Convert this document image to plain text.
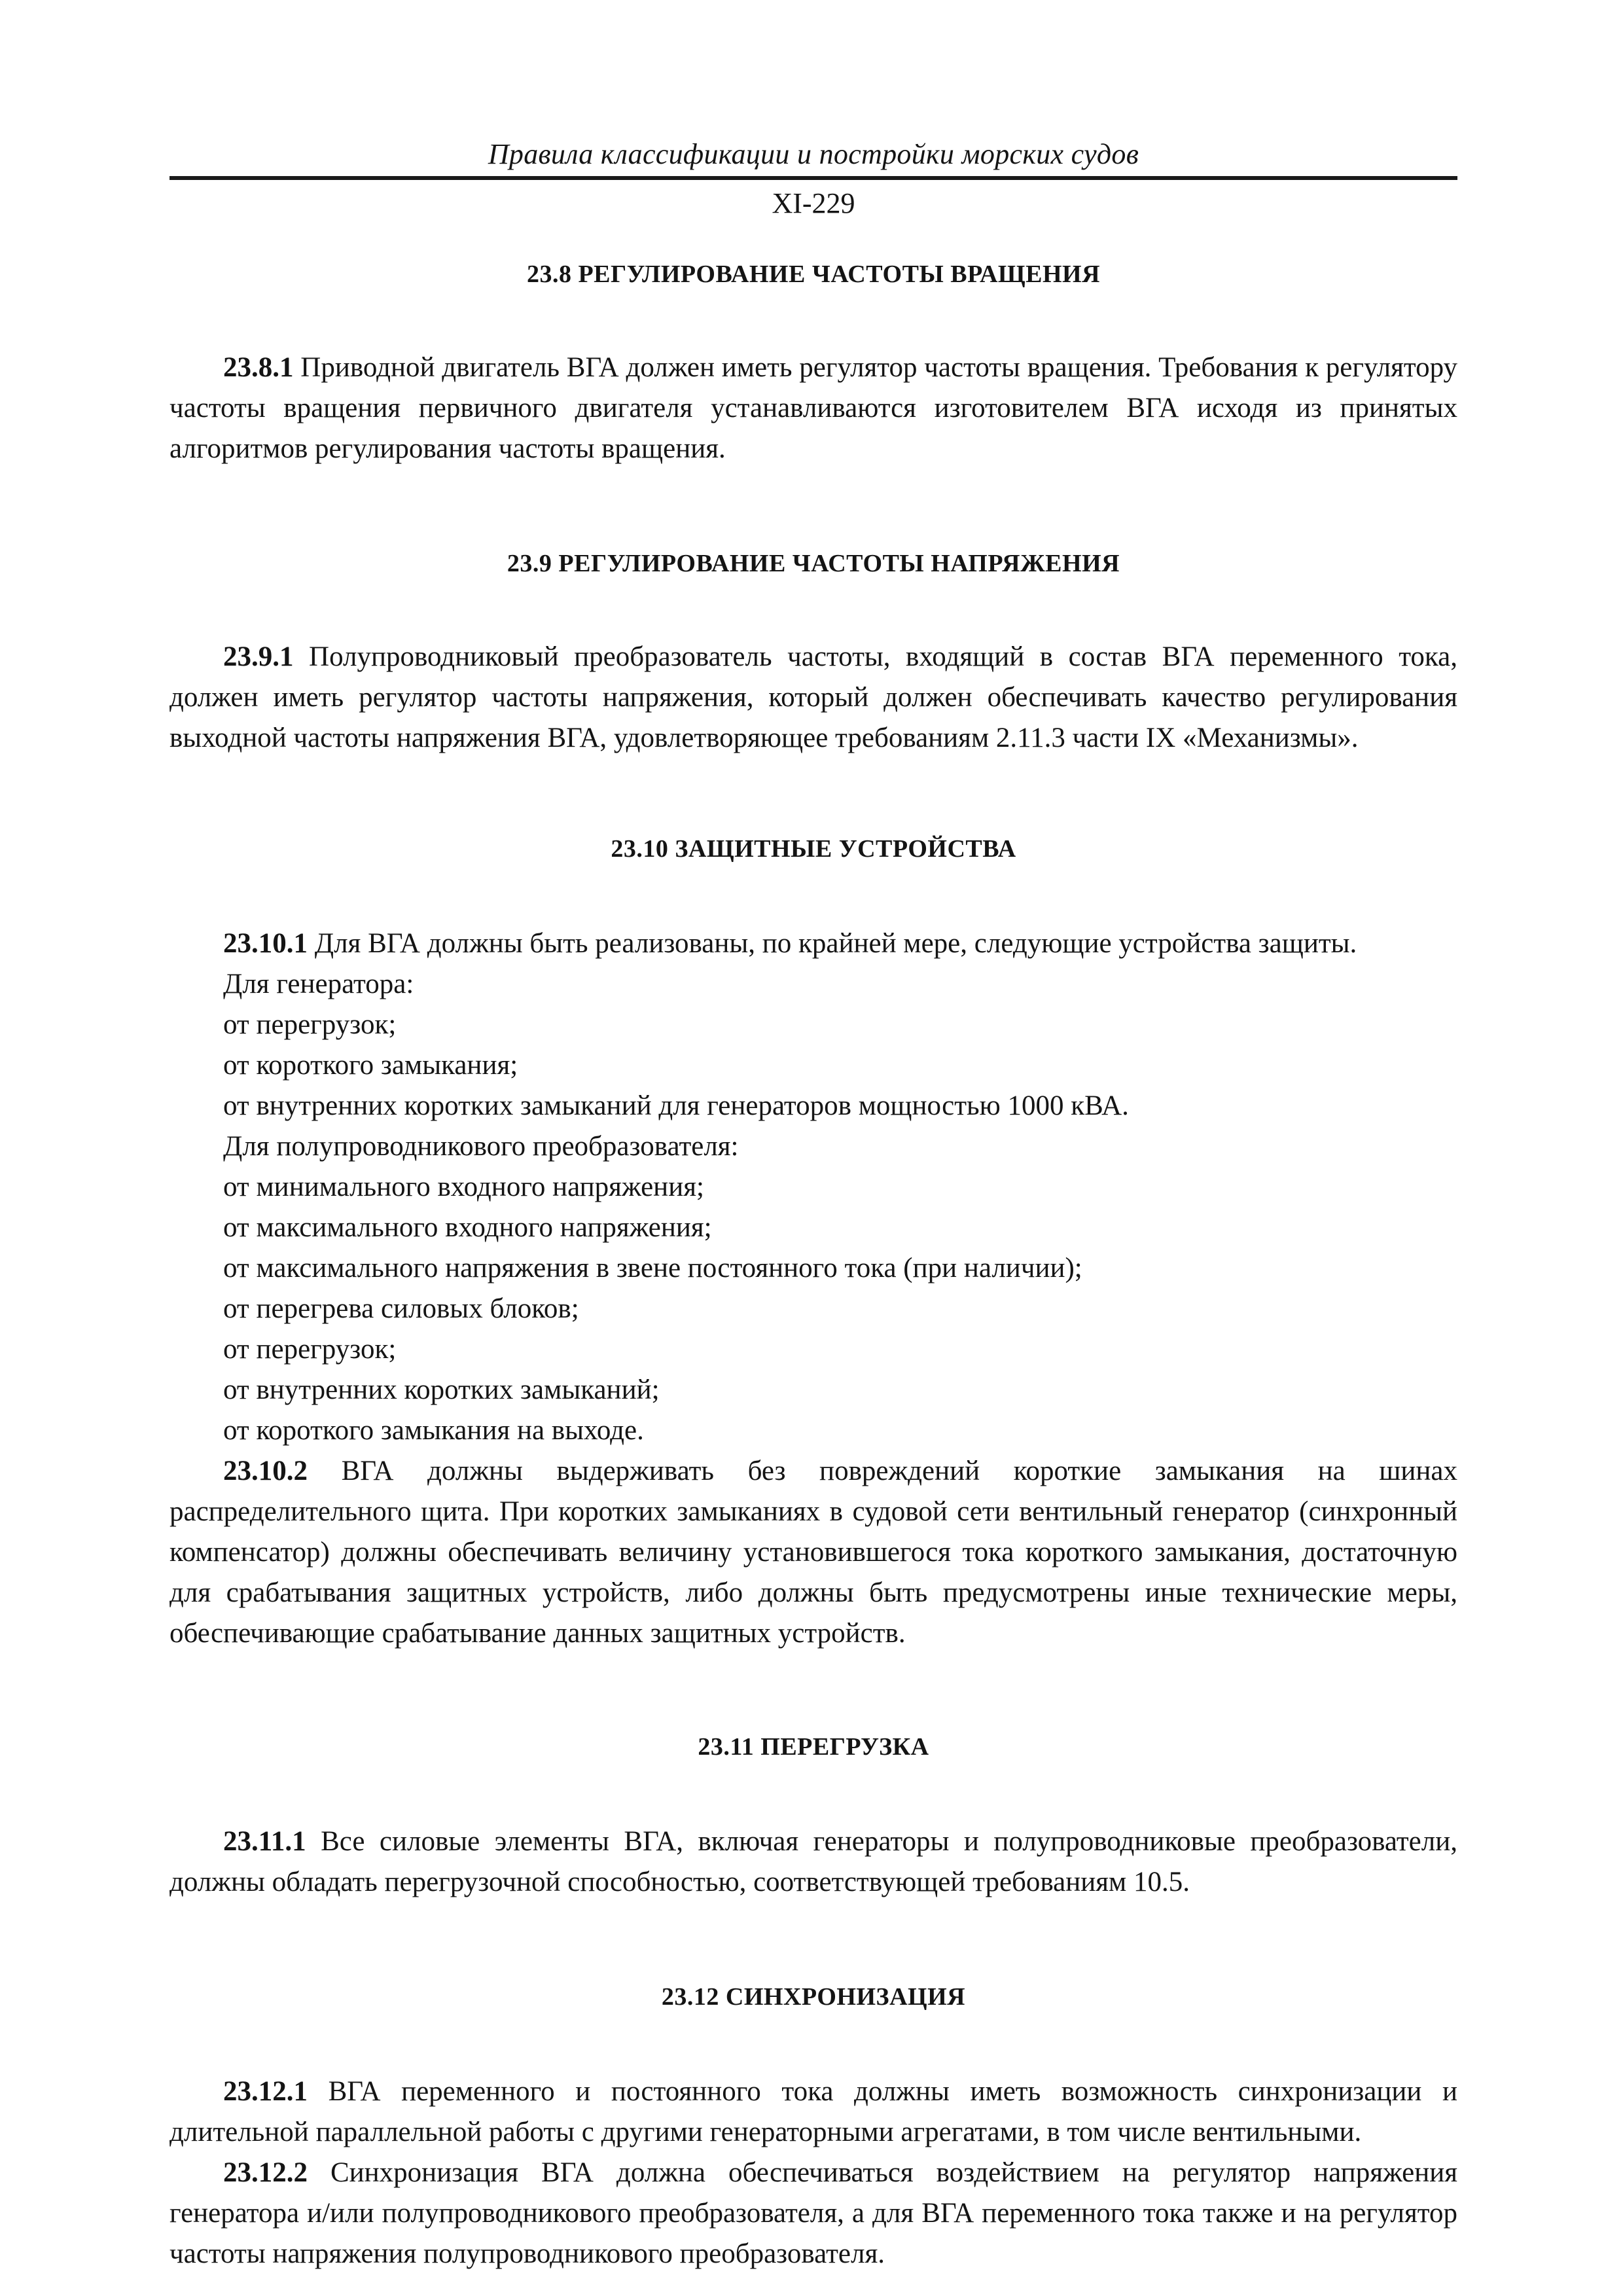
Правила классификации и постройки морских судов
XI-229
23.8 РЕГУЛИРОВАНИЕ ЧАСТОТЫ ВРАЩЕНИЯ

23.8.1 Приводной двигатель ВГА должен иметь регулятор частоты вращения. Требования к регулятору частоты вращения первичного двигателя устанавливаются изготовителем ВГА исходя из принятых алгоритмов регулирования частоты вращения.

23.9 РЕГУЛИРОВАНИЕ ЧАСТОТЫ НАПРЯЖЕНИЯ

23.9.1 Полупроводниковый преобразователь частоты, входящий в состав ВГА переменного тока, должен иметь регулятор частоты напряжения, который должен обеспечивать качество регулирования выходной частоты напряжения ВГА, удовлетворяющее требованиям 2.11.3 части IX «Механизмы».

23.10 ЗАЩИТНЫЕ УСТРОЙСТВА

23.10.1 Для ВГА должны быть реализованы, по крайней мере, следующие устройства защиты.

Для генератора:

от перегрузок;

от короткого замыкания;

от внутренних коротких замыканий для генераторов мощностью 1000 кВА.

Для полупроводникового преобразователя:

от минимального входного напряжения;

от максимального входного напряжения;

от максимального напряжения в звене постоянного тока (при наличии);

от перегрева силовых блоков;

от перегрузок;

от внутренних коротких замыканий;

от короткого замыкания на выходе.

23.10.2 ВГА должны выдерживать без повреждений короткие замыкания на шинах распределительного щита. При коротких замыканиях в судовой сети вентильный генератор (синхронный компенсатор) должны обеспечивать величину установившегося тока короткого замыкания, достаточную для срабатывания защитных устройств, либо должны быть предусмотрены иные технические меры, обеспечивающие срабатывание данных защитных устройств.

23.11 ПЕРЕГРУЗКА

23.11.1 Все силовые элементы ВГА, включая генераторы и полупроводниковые преобразователи, должны обладать перегрузочной способностью, соответствующей требованиям 10.5.

23.12 СИНХРОНИЗАЦИЯ

23.12.1 ВГА переменного и постоянного тока должны иметь возможность синхронизации и длительной параллельной работы с другими генераторными агрегатами, в том числе вентильными.

23.12.2 Синхронизация ВГА должна обеспечиваться воздействием на регулятор напряжения генератора и/или полупроводникового преобразователя, а для ВГА переменного тока также и на регулятор частоты напряжения полупроводникового преобразователя.
